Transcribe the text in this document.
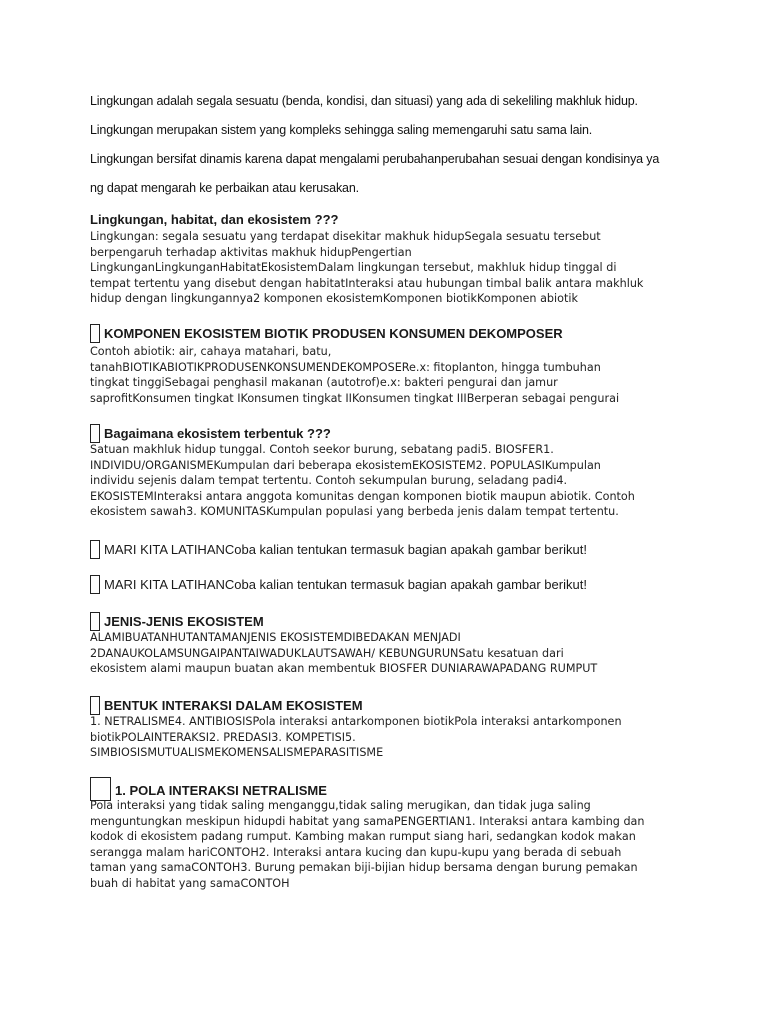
Lingkungan adalah segala sesuatu (benda, kondisi, dan situasi) yang ada di sekeliling makhluk hidup.
Lingkungan merupakan sistem yang kompleks sehingga saling memengaruhi satu sama lain.
Lingkungan bersifat dinamis karena dapat mengalami perubahanperubahan sesuai dengan kondisinya ya
ng dapat mengarah ke perbaikan atau kerusakan.
Lingkungan, habitat, dan ekosistem ???
Lingkungan: segala sesuatu yang terdapat disekitar makhuk hidupSegala sesuatu tersebut
berpengaruh terhadap aktivitas makhuk hidupPengertian
LingkunganLingkunganHabitatEkosistemDalam lingkungan tersebut, makhluk hidup tinggal di
tempat tertentu yang disebut dengan habitatInteraksi atau hubungan timbal balik antara makhluk
hidup dengan lingkungannya2 komponen ekosistemKomponen biotikKomponen abiotik
KOMPONEN EKOSISTEM BIOTIK PRODUSEN KONSUMEN DEKOMPOSER
Contoh abiotik: air, cahaya matahari, batu,
tanahBIOTIKABIOTIKPRODUSENKONSUMENDEKOMPOSERe.x: fitoplanton, hingga tumbuhan
tingkat tinggiSebagai penghasil makanan (autotrof)e.x: bakteri pengurai dan jamur
saprofitKonsumen tingkat IKonsumen tingkat IIKonsumen tingkat IIIBerperan sebagai pengurai
Bagaimana ekosistem terbentuk ???
Satuan makhluk hidup tunggal. Contoh seekor burung, sebatang padi5. BIOSFER1.
INDIVIDU/ORGANISMEKumpulan dari beberapa ekosistemEKOSISTEM2. POPULASIKumpulan
individu sejenis dalam tempat tertentu. Contoh sekumpulan burung, seladang padi4.
EKOSISTEMInteraksi antara anggota komunitas dengan komponen biotik maupun abiotik. Contoh
ekosistem sawah3. KOMUNITASKumpulan populasi yang berbeda jenis dalam tempat tertentu.
MARI KITA LATIHANCoba kalian tentukan termasuk bagian apakah gambar berikut!
MARI KITA LATIHANCoba kalian tentukan termasuk bagian apakah gambar berikut!
JENIS-JENIS EKOSISTEM
ALAMIBUATANHUTANTAMANJENIS EKOSISTEMDIBEDAKAN MENJADI
2DANAUKOLAMSUNGAIPANTAIWADUKLAUTSAWAH/ KEBUNGURUNSatu kesatuan dari
ekosistem alami maupun buatan akan membentuk BIOSFER DUNIARAWAPADANG RUMPUT
BENTUK INTERAKSI DALAM EKOSISTEM
1. NETRALISME4. ANTIBIOSISPola interaksi antarkomponen biotikPola interaksi antarkomponen
biotikPOLAINTERAKSI2. PREDASI3. KOMPETISI5.
SIMBIOSISMUTUALISMEKOMENSALISMEPARASITISME
1. POLA INTERAKSI NETRALISME
Pola interaksi yang tidak saling menganggu,tidak saling merugikan, dan tidak juga saling
menguntungkan meskipun hidupdi habitat yang samaPENGERTIAN1. Interaksi antara kambing dan
kodok di ekosistem padang rumput. Kambing makan rumput siang hari, sedangkan kodok makan
serangga malam hariCONTOH2. Interaksi antara kucing dan kupu-kupu yang berada di sebuah
taman yang samaCONTOH3. Burung pemakan biji-bijian hidup bersama dengan burung pemakan
buah di habitat yang samaCONTOH
